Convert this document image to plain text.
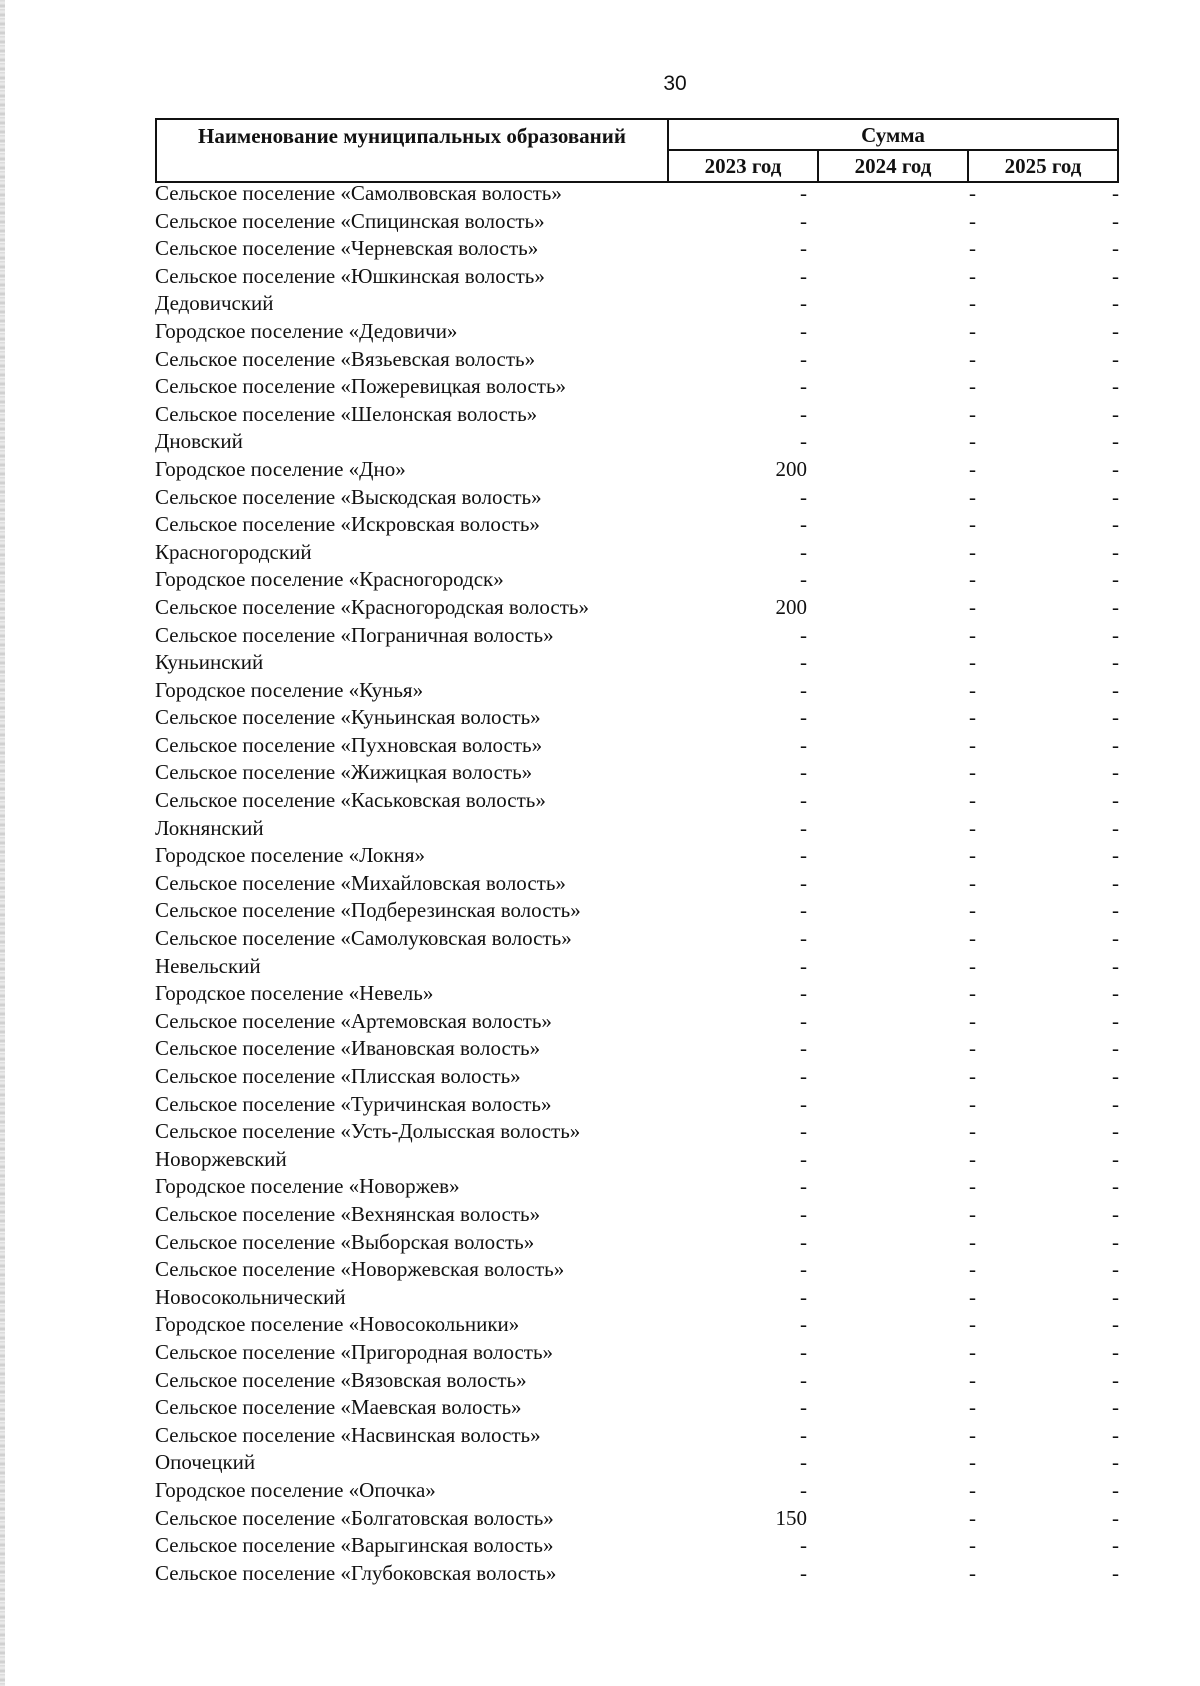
30
Наименование муниципальных образований	Сумма
2023 год	2024 год	2025 год
Сельское поселение «Самолвовская волость»	-	-	-
Сельское поселение «Спицинская волость»	-	-	-
Сельское поселение «Черневская волость»	-	-	-
Сельское поселение «Юшкинская волость»	-	-	-
Дедовичский	-	-	-
Городское поселение «Дедовичи»	-	-	-
Сельское поселение «Вязьевская волость»	-	-	-
Сельское поселение «Пожеревицкая волость»	-	-	-
Сельское поселение «Шелонская волость»	-	-	-
Дновский	-	-	-
Городское поселение «Дно»	200	-	-
Сельское поселение «Выскодская волость»	-	-	-
Сельское поселение «Искровская волость»	-	-	-
Красногородский	-	-	-
Городское поселение «Красногородск»	-	-	-
Сельское поселение «Красногородская волость»	200	-	-
Сельское поселение «Пограничная волость»	-	-	-
Куньинский	-	-	-
Городское поселение «Кунья»	-	-	-
Сельское поселение «Куньинская волость»	-	-	-
Сельское поселение «Пухновская волость»	-	-	-
Сельское поселение «Жижицкая волость»	-	-	-
Сельское поселение «Каськовская волость»	-	-	-
Локнянский	-	-	-
Городское поселение «Локня»	-	-	-
Сельское поселение «Михайловская волость»	-	-	-
Сельское поселение «Подберезинская волость»	-	-	-
Сельское поселение «Самолуковская волость»	-	-	-
Невельский	-	-	-
Городское поселение «Невель»	-	-	-
Сельское поселение «Артемовская волость»	-	-	-
Сельское поселение «Ивановская волость»	-	-	-
Сельское поселение «Плисская волость»	-	-	-
Сельское поселение «Туричинская волость»	-	-	-
Сельское поселение «Усть-Долысская волость»	-	-	-
Новоржевский	-	-	-
Городское поселение «Новоржев»	-	-	-
Сельское поселение «Вехнянская волость»	-	-	-
Сельское поселение «Выборская волость»	-	-	-
Сельское поселение «Новоржевская волость»	-	-	-
Новосокольнический	-	-	-
Городское поселение «Новосокольники»	-	-	-
Сельское поселение «Пригородная волость»	-	-	-
Сельское поселение «Вязовская волость»	-	-	-
Сельское поселение «Маевская волость»	-	-	-
Сельское поселение «Насвинская волость»	-	-	-
Опочецкий	-	-	-
Городское поселение «Опочка»	-	-	-
Сельское поселение «Болгатовская волость»	150	-	-
Сельское поселение «Варыгинская волость»	-	-	-
Сельское поселение «Глубоковская волость»	-	-	-
